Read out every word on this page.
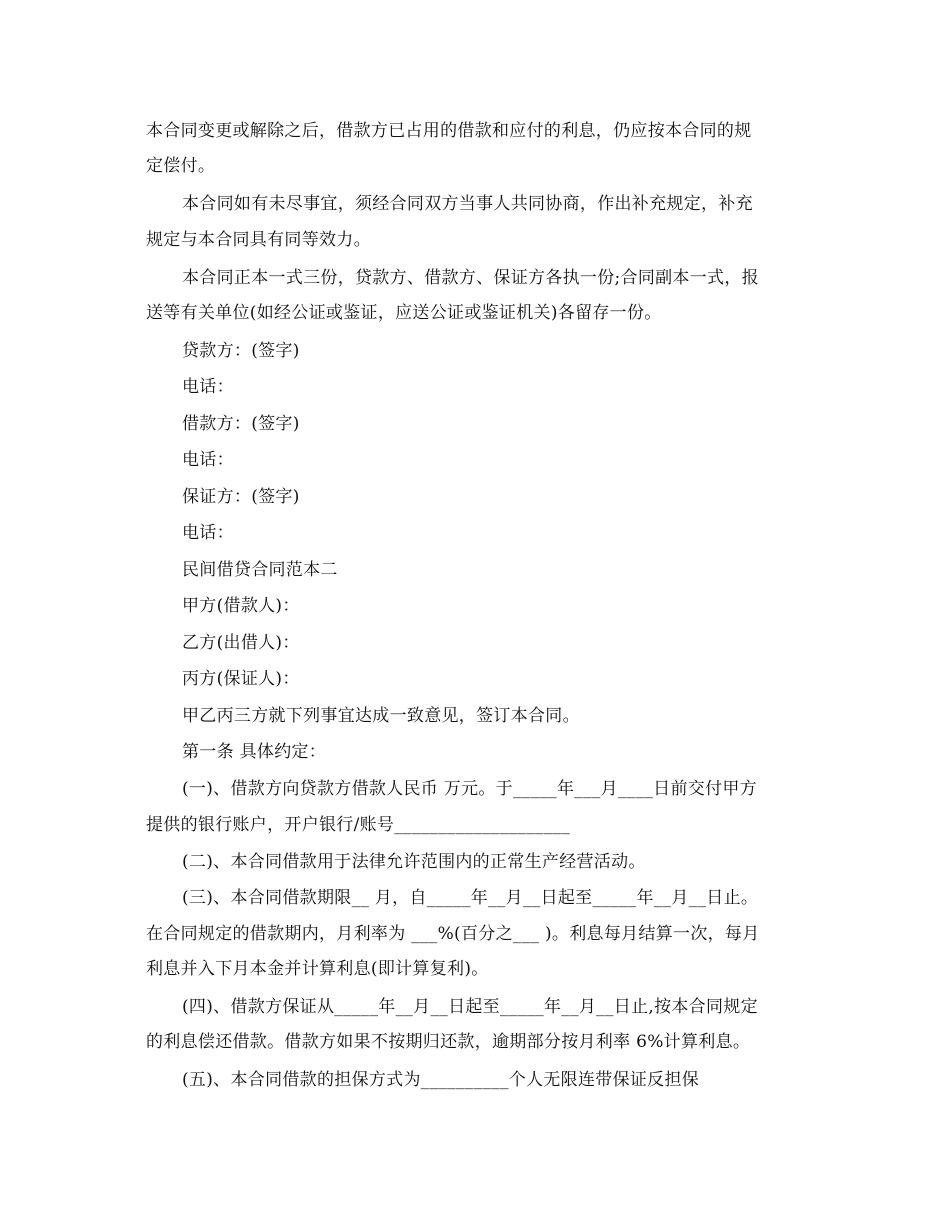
本合同变更或解除之后，借款方已占用的借款和应付的利息，仍应按本合同的规
定偿付。
本合同如有未尽事宜，须经合同双方当事人共同协商，作出补充规定，补充
规定与本合同具有同等效力。
本合同正本一式三份，贷款方、借款方、保证方各执一份;合同副本一式，报
送等有关单位(如经公证或鉴证，应送公证或鉴证机关)各留存一份。
贷款方：(签字)
电话：
借款方：(签字)
电话：
保证方：(签字)
电话：
民间借贷合同范本二
甲方(借款人)：
乙方(出借人)：
丙方(保证人)：
甲乙丙三方就下列事宜达成一致意见，签订本合同。
第一条 具体约定：
(一)、借款方向贷款方借款人民币 万元。于_____年___月____日前交付甲方
提供的银行账户，开户银行/账号____________________
(二)、本合同借款用于法律允许范围内的正常生产经营活动。
(三)、本合同借款期限__ 月，自_____年__月__日起至_____年__月__日止。
在合同规定的借款期内，月利率为 ___%(百分之___ )。利息每月结算一次，每月
利息并入下月本金并计算利息(即计算复利)。
(四)、借款方保证从_____年__月__日起至_____年__月__日止,按本合同规定
的利息偿还借款。借款方如果不按期归还款，逾期部分按月利率 6%计算利息。
(五)、本合同借款的担保方式为__________个人无限连带保证反担保
